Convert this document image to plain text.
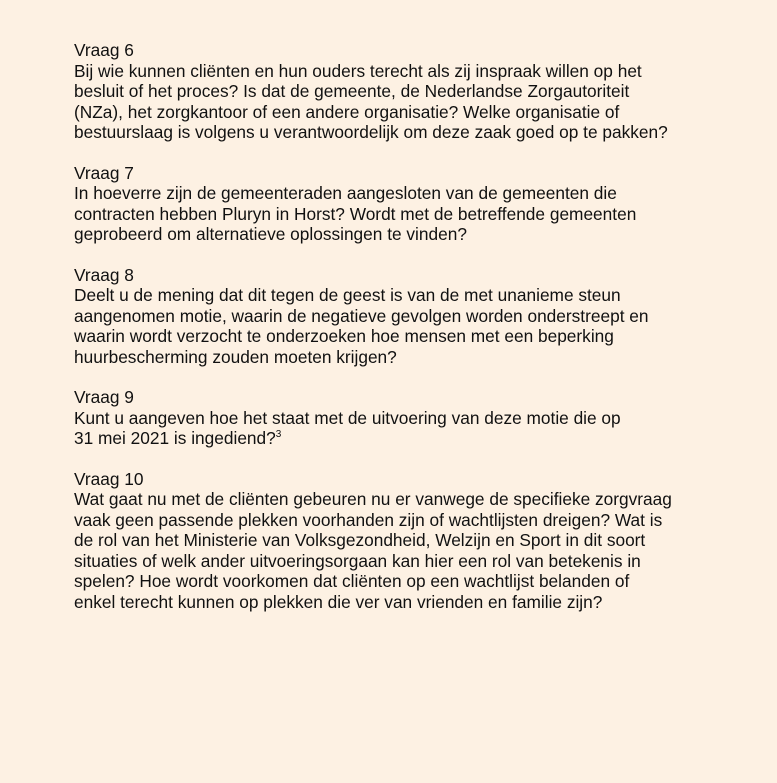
Vraag 6

Bij wie kunnen cliënten en hun ouders terecht als zij inspraak willen op het
besluit of het proces? Is dat de gemeente, de Nederlandse Zorgautoriteit
(NZa), het zorgkantoor of een andere organisatie? Welke organisatie of
bestuurslaag is volgens u verantwoordelijk om deze zaak goed op te pakken?

Vraag 7

In hoeverre zijn de gemeenteraden aangesloten van de gemeenten die
contracten hebben Pluryn in Horst? Wordt met de betreffende gemeenten
geprobeerd om alternatieve oplossingen te vinden?

Vraag 8

Deelt u de mening dat dit tegen de geest is van de met unanieme steun
aangenomen motie, waarin de negatieve gevolgen worden onderstreept en
waarin wordt verzocht te onderzoeken hoe mensen met een beperking
huurbescherming zouden moeten krijgen?

Vraag 9

Kunt u aangeven hoe het staat met de uitvoering van deze motie die op
31 mei 2021 is ingediend?$^3$

Vraag 10

Wat gaat nu met de cliënten gebeuren nu er vanwege de specifieke zorgvraag
vaak geen passende plekken voorhanden zijn of wachtlijsten dreigen? Wat is
de rol van het Ministerie van Volksgezondheid, Welzijn en Sport in dit soort
situaties of welk ander uitvoeringsorgaan kan hier een rol van betekenis in
spelen? Hoe wordt voorkomen dat cliënten op een wachtlijst belanden of
enkel terecht kunnen op plekken die ver van vrienden en familie zijn?
